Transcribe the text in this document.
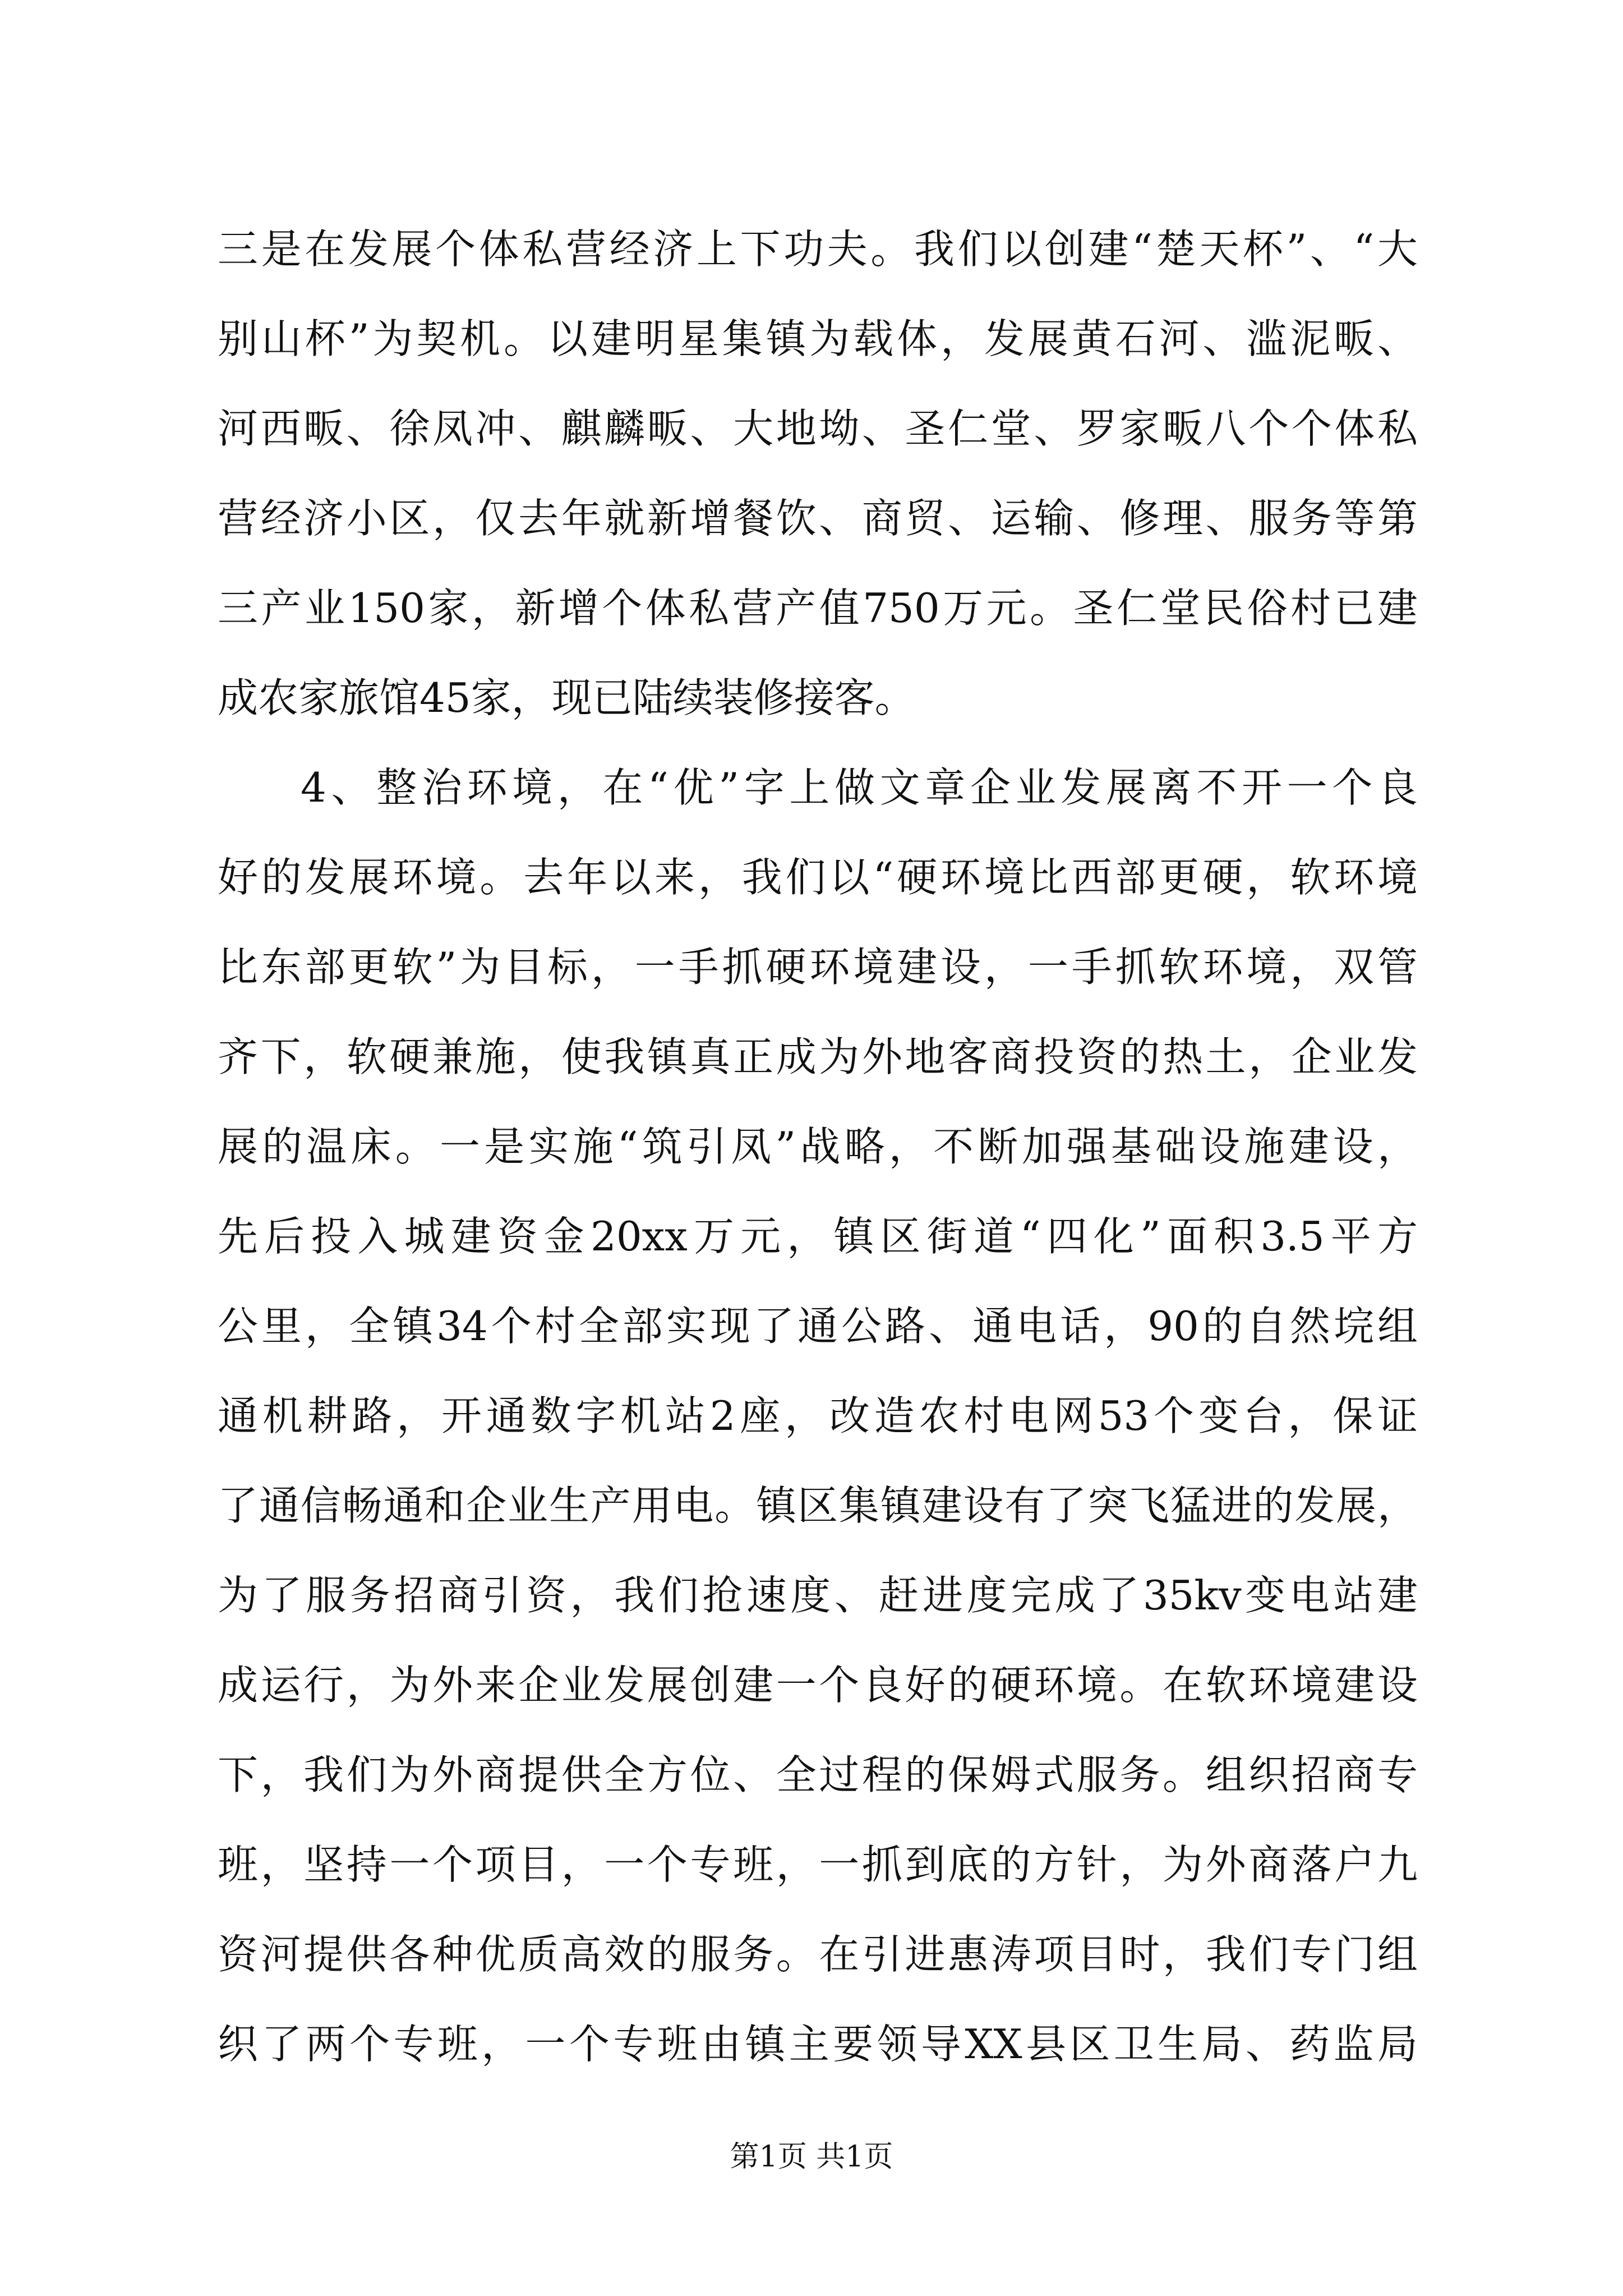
三是在发展个体私营经济上下功夫。我们以创建“楚天杯”、“大
别山杯”为契机。以建明星集镇为载体，发展黄石河、滥泥畈、
河西畈、徐凤冲、麒麟畈、大地坳、圣仁堂、罗家畈八个个体私
营经济小区，仅去年就新增餐饮、商贸、运输、修理、服务等第
三产业150家，新增个体私营产值750万元。圣仁堂民俗村已建
成农家旅馆45家，现已陆续装修接客。
4、整治环境，在“优”字上做文章企业发展离不开一个良
好的发展环境。去年以来，我们以“硬环境比西部更硬，软环境
比东部更软”为目标，一手抓硬环境建设，一手抓软环境，双管
齐下，软硬兼施，使我镇真正成为外地客商投资的热土，企业发
展的温床。一是实施“筑引凤”战略，不断加强基础设施建设，
先后投入城建资金20xx万元，镇区街道“四化”面积3.5平方
公里，全镇34个村全部实现了通公路、通电话，90的自然垸组
通机耕路，开通数字机站2座，改造农村电网53个变台，保证
了通信畅通和企业生产用电。镇区集镇建设有了突飞猛进的发展，
为了服务招商引资，我们抢速度、赶进度完成了35kv变电站建
成运行，为外来企业发展创建一个良好的硬环境。在软环境建设
下，我们为外商提供全方位、全过程的保姆式服务。组织招商专
班，坚持一个项目，一个专班，一抓到底的方针，为外商落户九
资河提供各种优质高效的服务。在引进惠涛项目时，我们专门组
织了两个专班，一个专班由镇主要领导XX县区卫生局、药监局
第1页 共1页
